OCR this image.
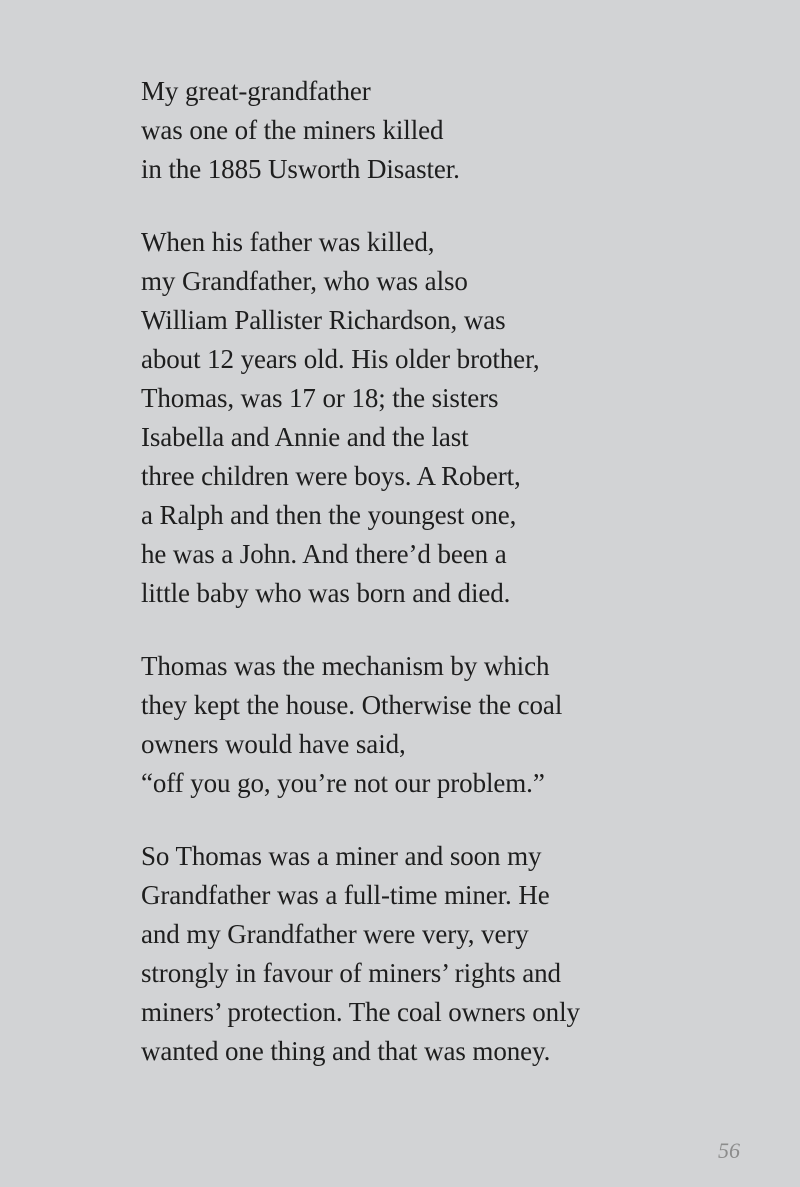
My great-grandfather
was one of the miners killed
in the 1885 Usworth Disaster.
When his father was killed,
my Grandfather, who was also
William Pallister Richardson, was
about 12 years old. His older brother,
Thomas, was 17 or 18; the sisters
Isabella and Annie and the last
three children were boys. A Robert,
a Ralph and then the youngest one,
he was a John. And there’d been a
little baby who was born and died.
Thomas was the mechanism by which
they kept the house. Otherwise the coal
owners would have said,
“off you go, you’re not our problem.”
So Thomas was a miner and soon my
Grandfather was a full-time miner. He
and my Grandfather were very, very
strongly in favour of miners’ rights and
miners’ protection. The coal owners only
wanted one thing and that was money.
56
